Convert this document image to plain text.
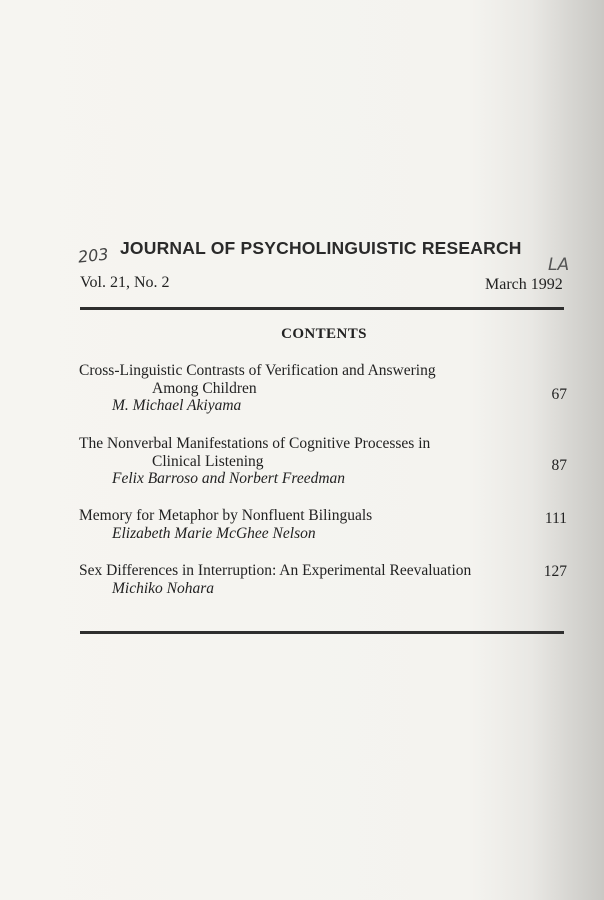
203	LA
JOURNAL OF PSYCHOLINGUISTIC RESEARCH
Vol. 21, No. 2	March 1992
CONTENTS
Cross-Linguistic Contrasts of Verification and Answering
Among Children
M. Michael Akiyama
67
The Nonverbal Manifestations of Cognitive Processes in
Clinical Listening
Felix Barroso and Norbert Freedman
87
Memory for Metaphor by Nonfluent Bilinguals
Elizabeth Marie McGhee Nelson
111
Sex Differences in Interruption: An Experimental Reevaluation
Michiko Nohara
127
